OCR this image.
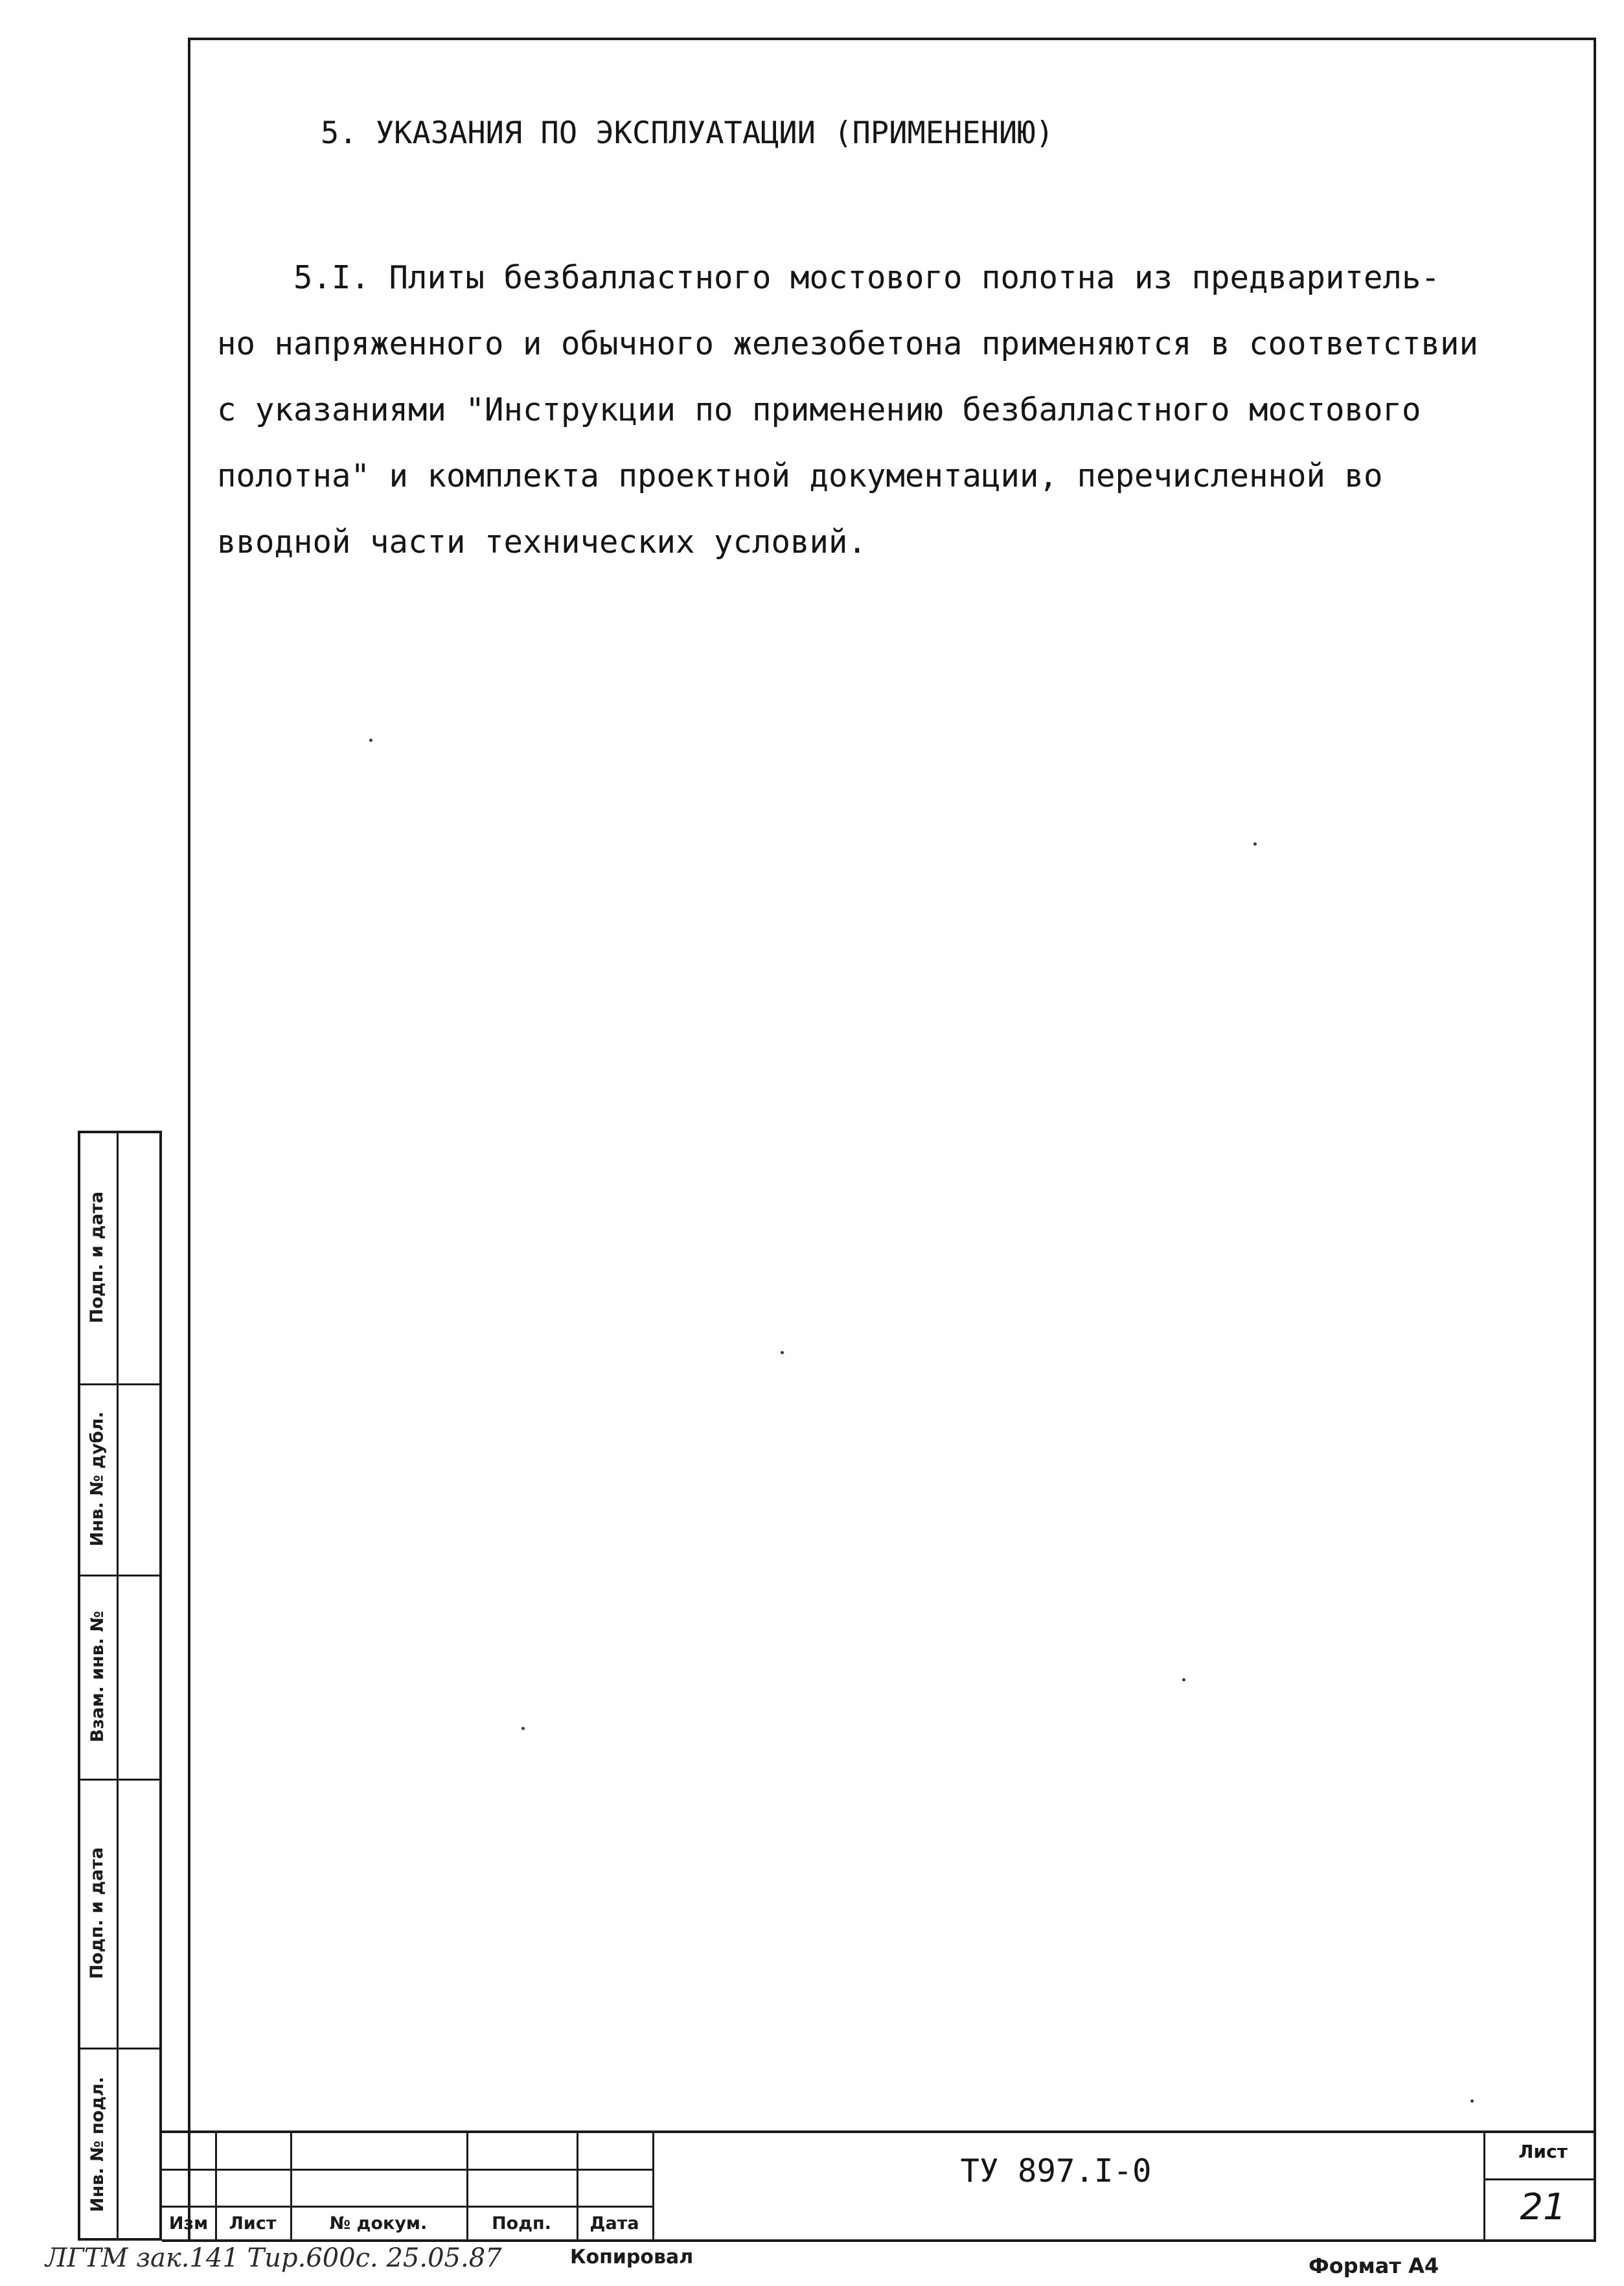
Подп. и дата
Инв. № дубл.
Взам. инв. №
Подп. и дата
Инв. № подл.
5. УКАЗАНИЯ ПО ЭКСПЛУАТАЦИИ (ПРИМЕНЕНИЮ)
5.I. Плиты безбалластного мостового полотна из предваритель-
но напряженного и обычного железобетона применяются в соответствии
с указаниями "Инструкции по применению безбалластного мостового
полотна" и комплекта проектной документации, перечисленной во
вводной части технических условий.
Изм	Лист	№ докум.	Подп.	Дата
ТУ 897.I-0
Лист
21
ЛГТМ зак.141 Тир.600с. 25.05.87	Копировал	Формат А4
